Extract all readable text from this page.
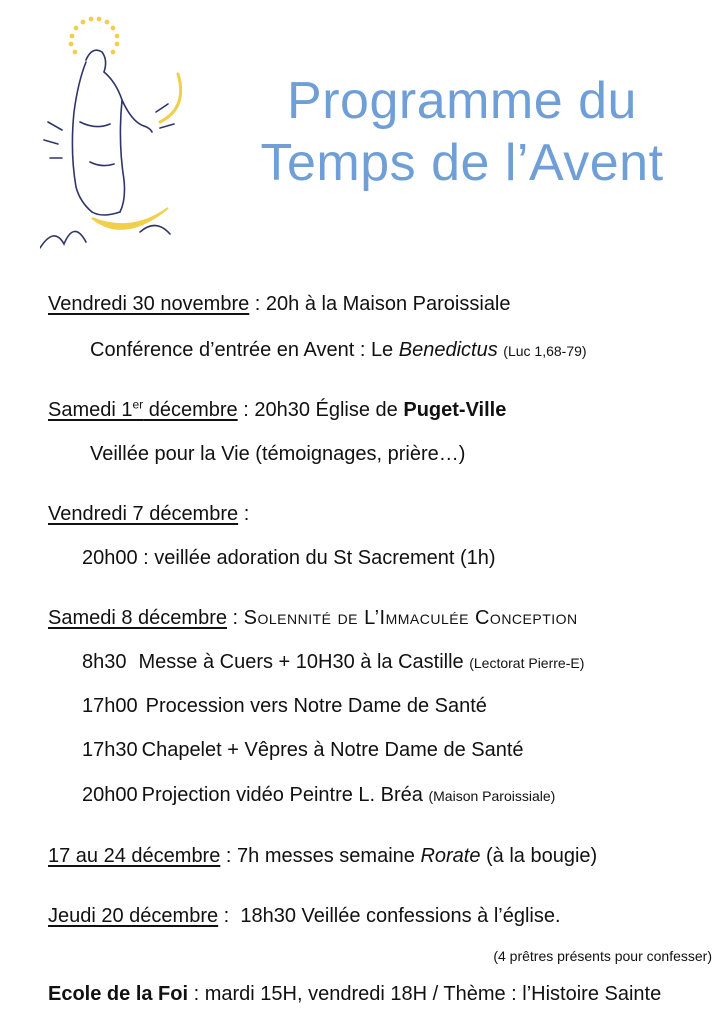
Programme du
Temps de l’Avent
Vendredi 30 novembre : 20h à la Maison Paroissiale
Conférence d’entrée en Avent : Le Benedictus (Luc 1,68-79)
Samedi 1er décembre : 20h30 Église de Puget-Ville
Veillée pour la Vie (témoignages, prière…)
Vendredi 7 décembre :
20h00 : veillée adoration du St Sacrement (1h)
Samedi 8 décembre : Solennité de L’Immaculée Conception
8h30 Messe à Cuers + 10H30 à la Castille (Lectorat Pierre-E)
17h00 Procession vers Notre Dame de Santé
17h30 Chapelet + Vêpres à Notre Dame de Santé
20h00 Projection vidéo Peintre L. Bréa (Maison Paroissiale)
17 au 24 décembre : 7h messes semaine Rorate (à la bougie)
Jeudi 20 décembre :  18h30 Veillée confessions à l’église.
(4 prêtres présents pour confesser)
Ecole de la Foi : mardi 15H, vendredi 18H / Thème : l’Histoire Sainte
